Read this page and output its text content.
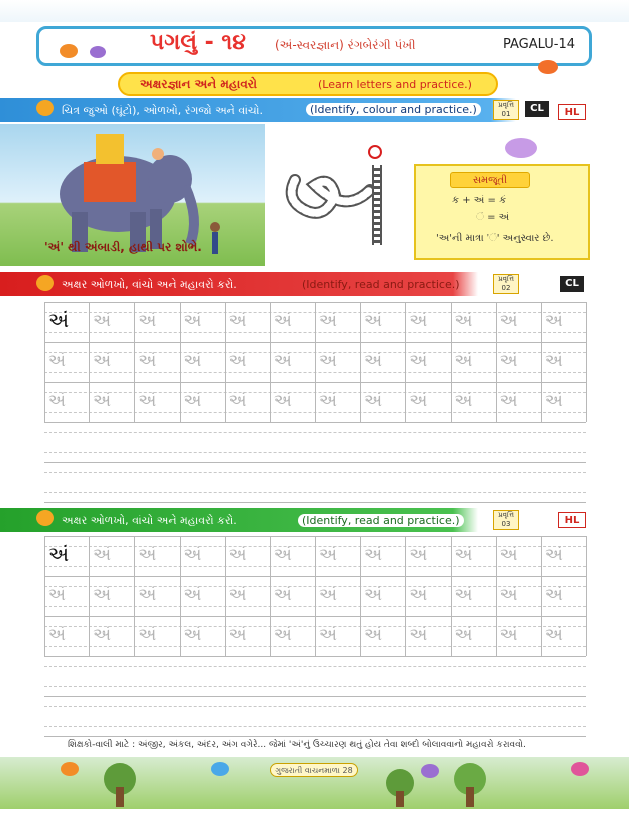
પગલું - ૧૪ (અં-સ્વરજ્ઞાન) રંગબેરંગી પંખી	PAGALU-14
અક્ષરજ્ઞાન અને મહાવરો	(Learn letters and practice.)
ચિત્ર જુઓ (ઘૂંટો), ઓળખો, રંગજો અને વાંચો.	(Identify, colour and practice.)	પ્રવૃત્તિ 01	CL	HL
'અં' થી અંબાડી, હાથી પર શોભે.
સમજૂતી
ક + અં = કં
ં = અં
'અ'ની માત્રા 'ં' અનુસ્વાર છે.
અક્ષર ઓળખો, વાંચો અને મહાવરો કરો.	(Identify, read and practice.)	પ્રવૃત્તિ 02	CL
અં અં અં અં અં અં અં અં અં અં અં અં
અં અં અં અં અં અં અં અં અં અં અં અં
અં અં અં અં અં અં અં અં અં અં અં અં
અક્ષર ઓળખો, વાંચો અને મહાવરો કરો.	(Identify, read and practice.)	પ્રવૃત્તિ 03	HL
અં અં અં અં અં અં અં અં અં અં અં અં
અં અં અં અં અં અં અં અં અં અં અં અં
અં અં અં અં અં અં અં અં અં અં અં અં
શિક્ષકો-વાલી માટે : અંજીર, અંકલ, અંદર, અંગ વગેરે... જેમાં 'અં'નું ઉચ્ચારણ થતું હોય તેવા શબ્દો બોલાવવાનો મહાવરો કરાવવો.
ગુજરાતી વાચનમાળા 28
